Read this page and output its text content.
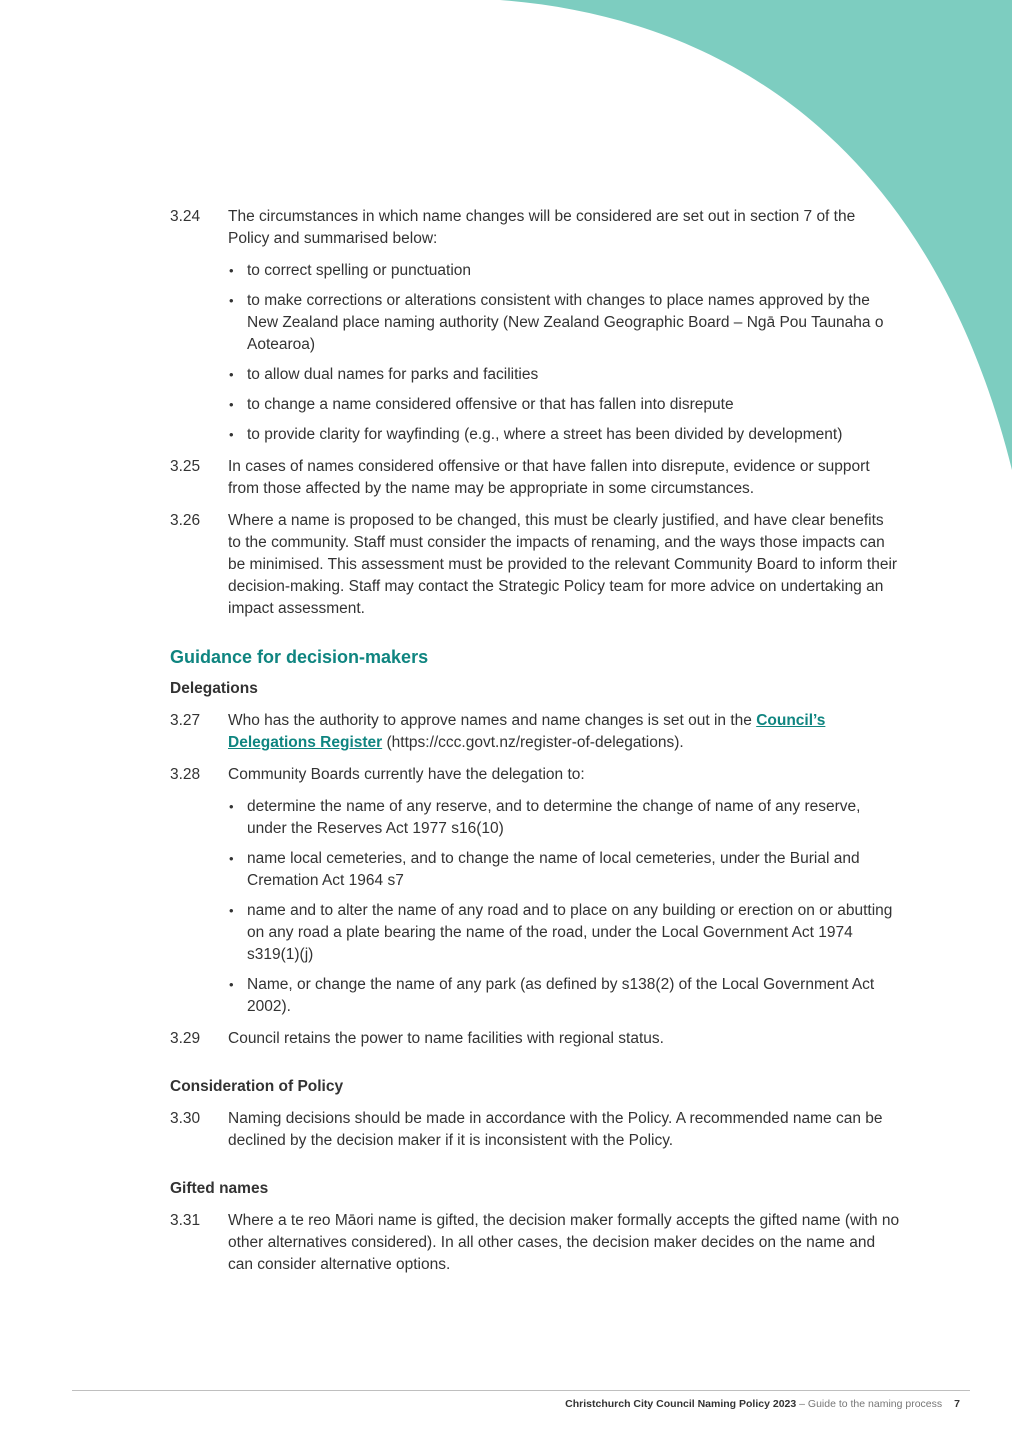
3.24	The circumstances in which name changes will be considered are set out in section 7 of the Policy and summarised below:
• to correct spelling or punctuation
• to make corrections or alterations consistent with changes to place names approved by the New Zealand place naming authority (New Zealand Geographic Board – Ngā Pou Taunaha o Aotearoa)
• to allow dual names for parks and facilities
• to change a name considered offensive or that has fallen into disrepute
• to provide clarity for wayfinding (e.g., where a street has been divided by development)
3.25	In cases of names considered offensive or that have fallen into disrepute, evidence or support from those affected by the name may be appropriate in some circumstances.
3.26	Where a name is proposed to be changed, this must be clearly justified, and have clear benefits to the community. Staff must consider the impacts of renaming, and the ways those impacts can be minimised. This assessment must be provided to the relevant Community Board to inform their decision-making. Staff may contact the Strategic Policy team for more advice on undertaking an impact assessment.
Guidance for decision-makers
Delegations
3.27	Who has the authority to approve names and name changes is set out in the Council’s Delegations Register (https://ccc.govt.nz/register-of-delegations).
3.28	Community Boards currently have the delegation to:
• determine the name of any reserve, and to determine the change of name of any reserve, under the Reserves Act 1977 s16(10)
• name local cemeteries, and to change the name of local cemeteries, under the Burial and Cremation Act 1964 s7
• name and to alter the name of any road and to place on any building or erection on or abutting on any road a plate bearing the name of the road, under the Local Government Act 1974 s319(1)(j)
• Name, or change the name of any park (as defined by s138(2) of the Local Government Act 2002).
3.29	Council retains the power to name facilities with regional status.
Consideration of Policy
3.30	Naming decisions should be made in accordance with the Policy. A recommended name can be declined by the decision maker if it is inconsistent with the Policy.
Gifted names
3.31	Where a te reo Māori name is gifted, the decision maker formally accepts the gifted name (with no other alternatives considered). In all other cases, the decision maker decides on the name and can consider alternative options.
Christchurch City Council Naming Policy 2023 – Guide to the naming process 7
